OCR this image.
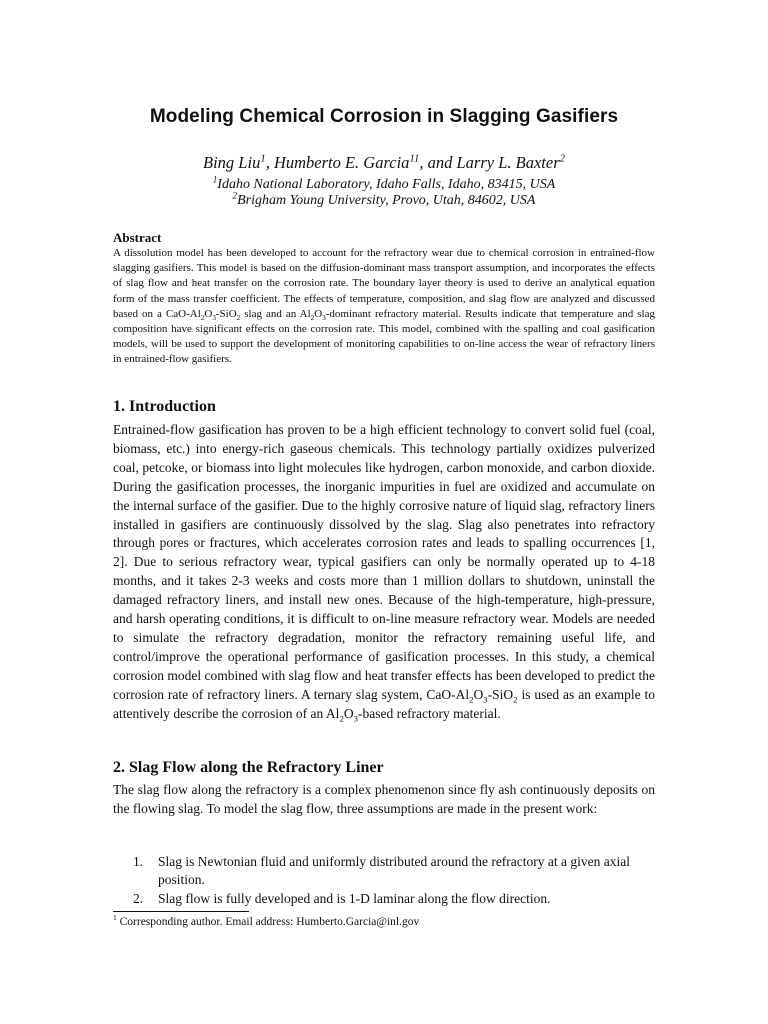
Modeling Chemical Corrosion in Slagging Gasifiers
Bing Liu$^1$, Humberto E. Garcia$^{11}$, and Larry L. Baxter$^2$
$^1$Idaho National Laboratory, Idaho Falls, Idaho, 83415, USA
$^2$Brigham Young University, Provo, Utah, 84602, USA
Abstract
A dissolution model has been developed to account for the refractory wear due to chemical corrosion in entrained-flow slagging gasifiers. This model is based on the diffusion-dominant mass transport assumption, and incorporates the effects of slag flow and heat transfer on the corrosion rate. The boundary layer theory is used to derive an analytical equation form of the mass transfer coefficient. The effects of temperature, composition, and slag flow are analyzed and discussed based on a CaO-$Al_2O_3-SiO_2$ slag and an $Al_2O_3$-dominant refractory material. Results indicate that temperature and slag composition have significant effects on the corrosion rate. This model, combined with the spalling and coal gasification models, will be used to support the development of monitoring capabilities to on-line access the wear of refractory liners in entrained-flow gasifiers.
1. Introduction
Entrained-flow gasification has proven to be a high efficient technology to convert solid fuel (coal, biomass, etc.) into energy-rich gaseous chemicals. This technology partially oxidizes pulverized coal, petcoke, or biomass into light molecules like hydrogen, carbon monoxide, and carbon dioxide. During the gasification processes, the inorganic impurities in fuel are oxidized and accumulate on the internal surface of the gasifier. Due to the highly corrosive nature of liquid slag, refractory liners installed in gasifiers are continuously dissolved by the slag. Slag also penetrates into refractory through pores or fractures, which accelerates corrosion rates and leads to spalling occurrences [1, 2]. Due to serious refractory wear, typical gasifiers can only be normally operated up to 4-18 months, and it takes 2-3 weeks and costs more than 1 million dollars to shutdown, uninstall the damaged refractory liners, and install new ones. Because of the high-temperature, high-pressure, and harsh operating conditions, it is difficult to on-line measure refractory wear. Models are needed to simulate the refractory degradation, monitor the refractory remaining useful life, and control/improve the operational performance of gasification processes. In this study, a chemical corrosion model combined with slag flow and heat transfer effects has been developed to predict the corrosion rate of refractory liners. A ternary slag system, CaO-$Al_2O_3-SiO_2$ is used as an example to attentively describe the corrosion of an $Al_2O_3$-based refractory material.
2. Slag Flow along the Refractory Liner
The slag flow along the refractory is a complex phenomenon since fly ash continuously deposits on the flowing slag. To model the slag flow, three assumptions are made in the present work:
1. Slag is Newtonian fluid and uniformly distributed around the refractory at a given axial position.
2. Slag flow is fully developed and is 1-D laminar along the flow direction.
$^1$ Corresponding author. Email address: Humberto.Garcia@inl.gov
